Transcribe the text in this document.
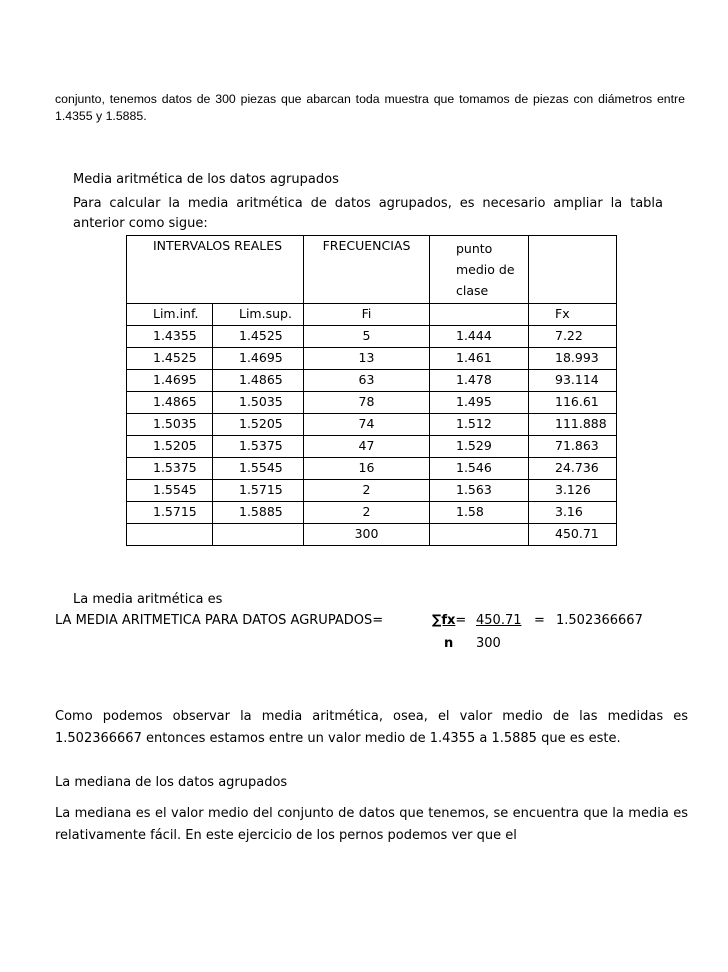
conjunto, tenemos datos de 300 piezas que abarcan toda muestra que tomamos de piezas con diámetros entre 1.4355 y 1.5885.
Media aritmética de los datos agrupados
Para calcular la media aritmética de datos agrupados, es necesario ampliar la tabla anterior como sigue:
INTERVALOS REALES		FRECUENCIAS	punto medio de clase	
Lim.inf.	Lim.sup.	Fi		Fx
1.4355	1.4525	5	1.444	7.22
1.4525	1.4695	13	1.461	18.993
1.4695	1.4865	63	1.478	93.114
1.4865	1.5035	78	1.495	116.61
1.5035	1.5205	74	1.512	111.888
1.5205	1.5375	47	1.529	71.863
1.5375	1.5545	16	1.546	24.736
1.5545	1.5715	2	1.563	3.126
1.5715	1.5885	2	1.58	3.16
		300		450.71
La media aritmética es
LA MEDIA ARITMETICA PARA DATOS AGRUPADOS=	∑fx= 450.71 = 1.502366667
n 300
Como podemos observar la media aritmética, osea, el valor medio de las medidas es 1.502366667 entonces estamos entre un valor medio de 1.4355 a 1.5885 que es este.
La mediana de los datos agrupados
La mediana es el valor medio del conjunto de datos que tenemos, se encuentra que la media es relativamente fácil. En este ejercicio de los pernos podemos ver que el
